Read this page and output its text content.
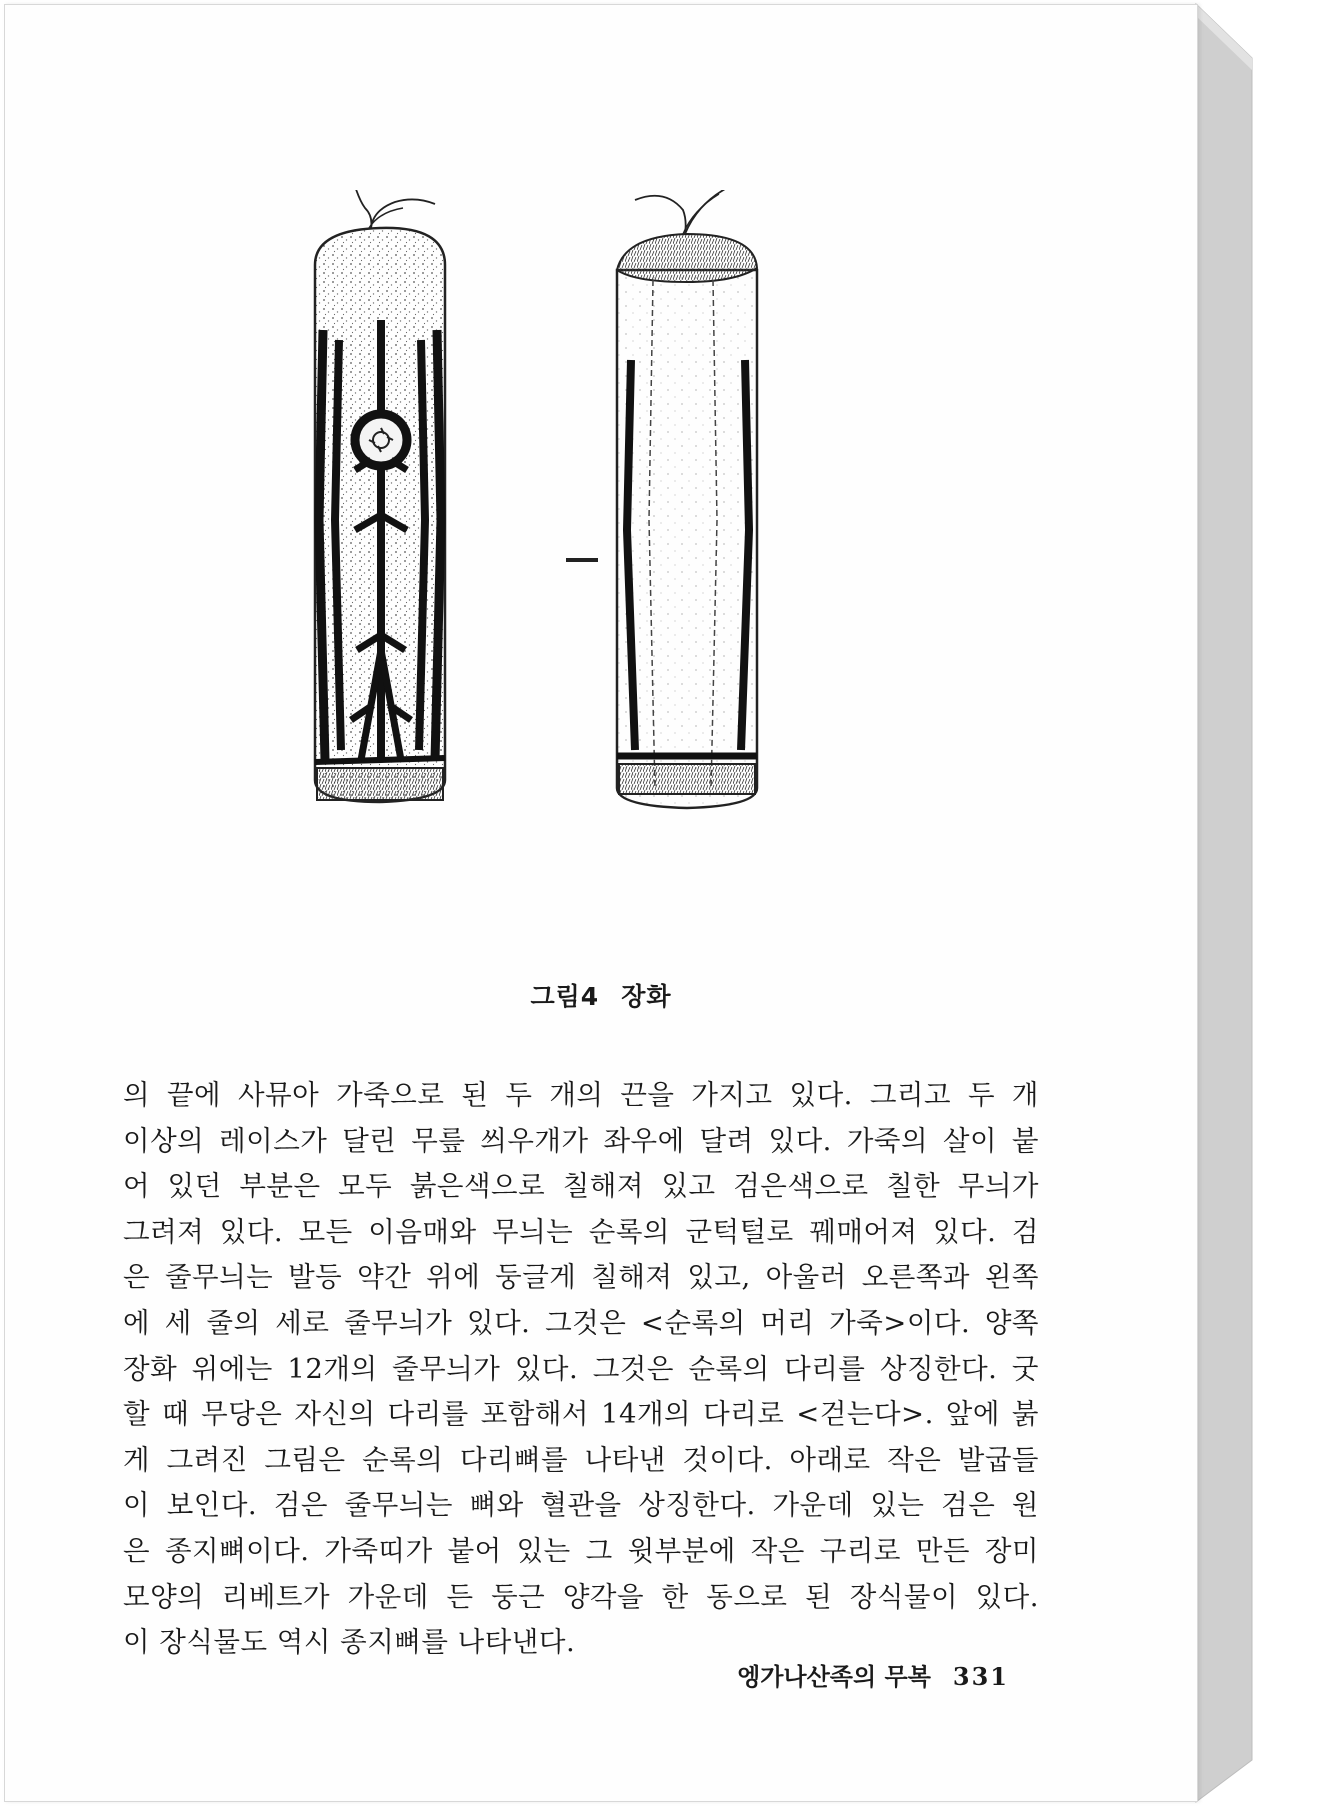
그림4 장화
의 끝에 사뮤아 가죽으로 된 두 개의 끈을 가지고 있다. 그리고 두 개
이상의 레이스가 달린 무릎 씌우개가 좌우에 달려 있다. 가죽의 살이 붙
어 있던 부분은 모두 붉은색으로 칠해져 있고 검은색으로 칠한 무늬가
그려져 있다. 모든 이음매와 무늬는 순록의 군턱털로 꿰매어져 있다. 검
은 줄무늬는 발등 약간 위에 둥글게 칠해져 있고, 아울러 오른쪽과 왼쪽
에 세 줄의 세로 줄무늬가 있다. 그것은 <순록의 머리 가죽>이다. 양쪽
장화 위에는 12개의 줄무늬가 있다. 그것은 순록의 다리를 상징한다. 굿
할 때 무당은 자신의 다리를 포함해서 14개의 다리로 <걷는다>. 앞에 붉
게 그려진 그림은 순록의 다리뼈를 나타낸 것이다. 아래로 작은 발굽들
이 보인다. 검은 줄무늬는 뼈와 혈관을 상징한다. 가운데 있는 검은 원
은 종지뼈이다. 가죽띠가 붙어 있는 그 윗부분에 작은 구리로 만든 장미
모양의 리베트가 가운데 든 둥근 양각을 한 동으로 된 장식물이 있다.
이 장식물도 역시 종지뼈를 나타낸다.
엥가나산족의 무복 331
